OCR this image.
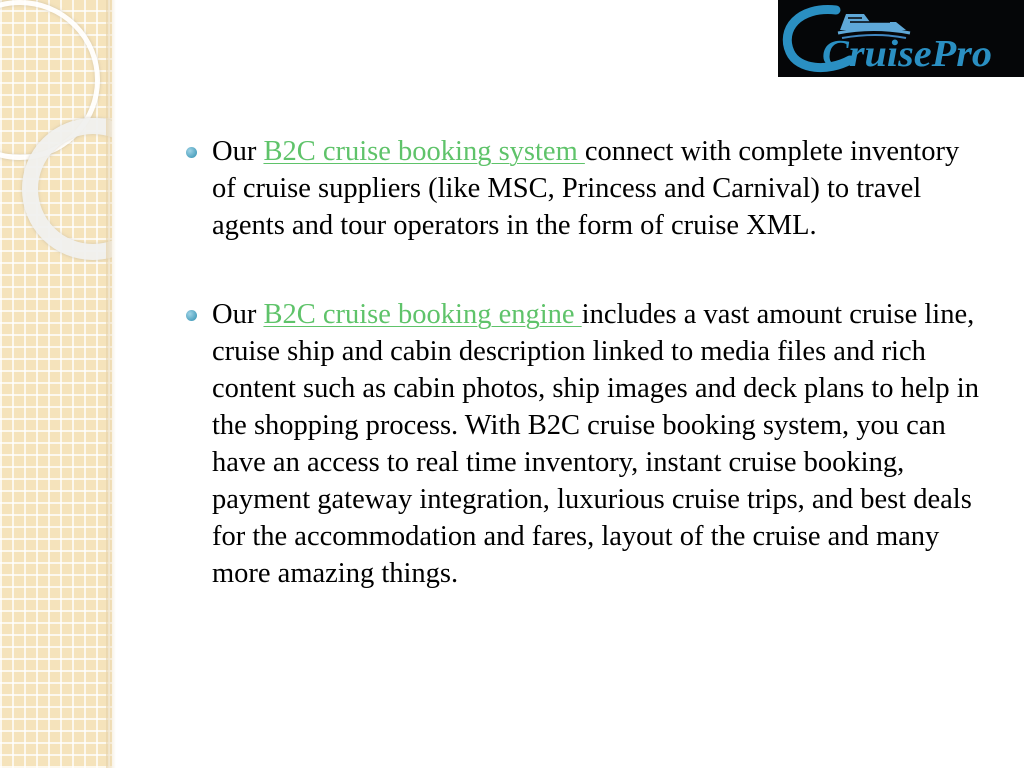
CruisePro
Our B2C cruise booking system connect with complete inventory of cruise suppliers (like MSC, Princess and Carnival) to travel agents and tour operators in the form of cruise XML.
Our B2C cruise booking engine includes a vast amount cruise line, cruise ship and cabin description linked to media files and rich content such as cabin photos, ship images and deck plans to help in the shopping process. With B2C cruise booking system, you can have an access to real time inventory, instant cruise booking, payment gateway integration, luxurious cruise trips, and best deals for the accommodation and fares, layout of the cruise and many more amazing things.
